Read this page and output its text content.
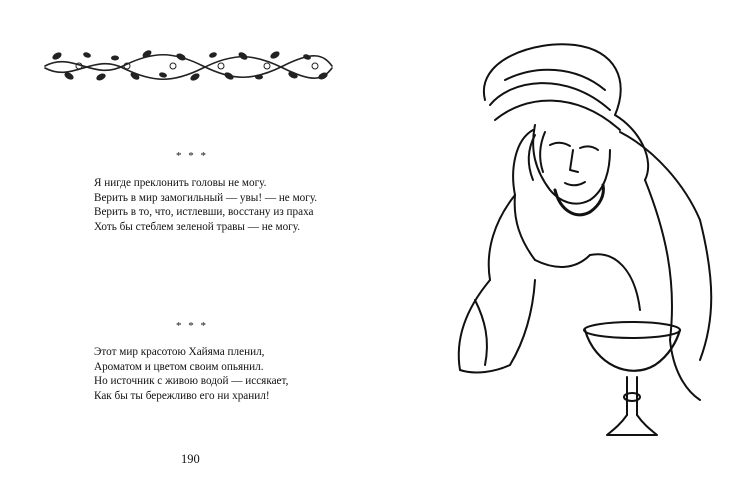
* * *
Я нигде преклонить головы не могу.
Верить в мир замогильный — увы! — не могу.
Верить в то, что, истлевши, восстану из праха
Хоть бы стеблем зеленой травы — не могу.
* * *
Этот мир красотою Хайяма пленил,
Ароматом и цветом своим опьянил.
Но источник с живою водой — иссякает,
Как бы ты бережливо его ни хранил!
190
